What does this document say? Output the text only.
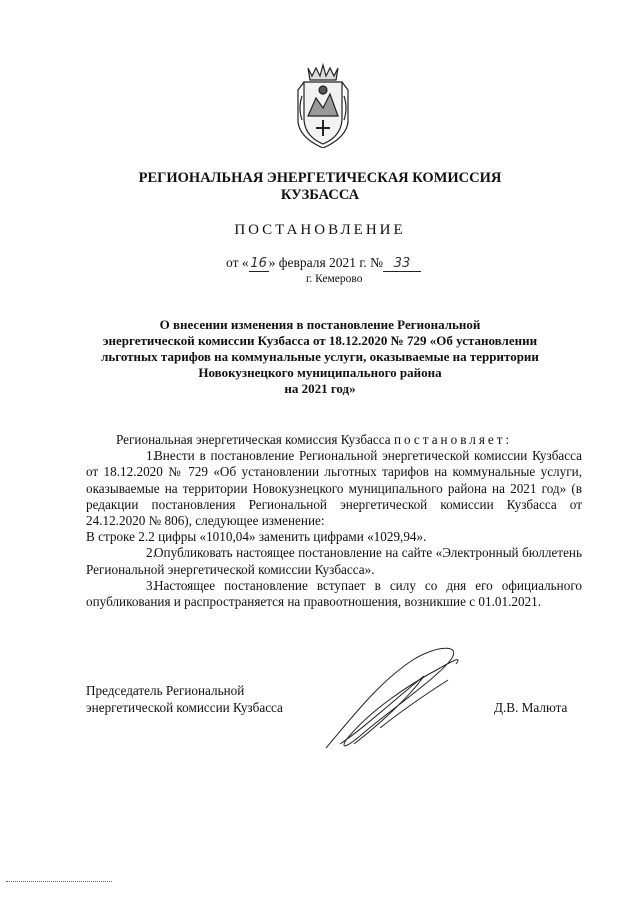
РЕГИОНАЛЬНАЯ ЭНЕРГЕТИЧЕСКАЯ КОМИССИЯ
КУЗБАССА
ПОСТАНОВЛЕНИЕ
от « 16 » февраля 2021 г. № 33
г. Кемерово
О внесении изменения в постановление Региональной
энергетической комиссии Кузбасса от 18.12.2020 № 729 «Об установлении
льготных тарифов на коммунальные услуги, оказываемые на территории
Новокузнецкого муниципального района
на 2021 год»

Региональная энергетическая комиссия Кузбасса постановляет:

1.Внести в постановление Региональной энергетической комиссии Кузбасса от 18.12.2020 № 729 «Об установлении льготных тарифов на коммунальные услуги, оказываемые на территории Новокузнецкого муниципального района на 2021 год» (в редакции постановления Региональной энергетической комиссии Кузбасса от 24.12.2020 № 806), следующее изменение:

В строке 2.2 цифры «1010,04» заменить цифрами «1029,94».

2.Опубликовать настоящее постановление на сайте «Электронный бюллетень Региональной энергетической комиссии Кузбасса».

3.Настоящее постановление вступает в силу со дня его официального опубликования и распространяется на правоотношения, возникшие с 01.01.2021.

Председатель Региональной
энергетической комиссии Кузбасса	Д.В. Малюта
